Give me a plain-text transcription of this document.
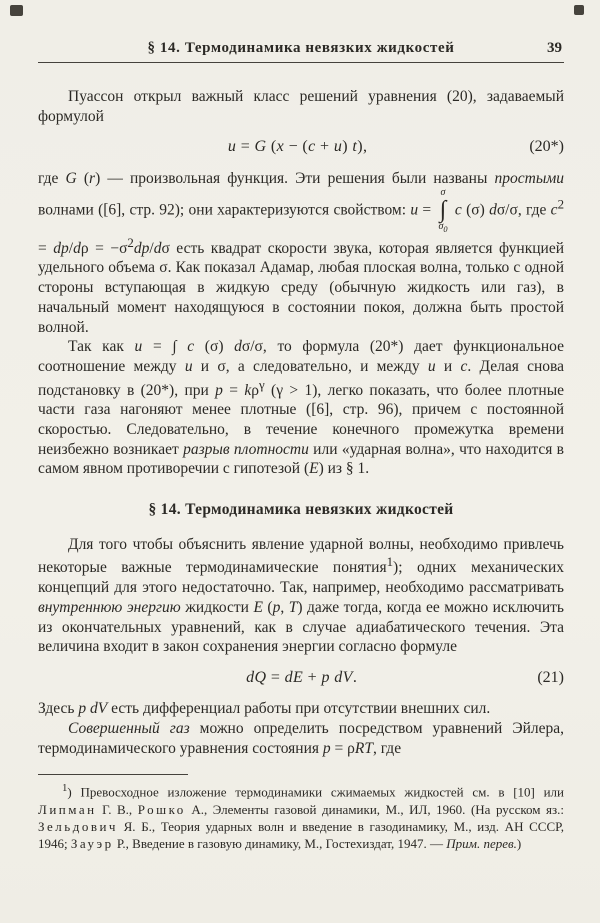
§ 14. Термодинамика невязких жидкостей	39

Пуассон открыл важный класс решений уравнения (20), задаваемый формулой

u = G (x − (c + u) t),	(20*)

где G (r) — произвольная функция. Эти решения были названы простыми волнами ([6], стр. 92); они характеризуются свойством: u =
σ
∫
$\sigma_0$
c (σ) dσ/σ, где $c^2 = dp/d\rho = -\sigma^2dp/d\sigma$ есть квадрат скорости звука, которая является функцией удельного объема σ. Как показал Адамар, любая плоская волна, только с одной стороны вступающая в жидкую среду (обычную жидкость или газ), в начальный момент находящуюся в состоянии покоя, должна быть простой волной.

Так как u = ∫ c (σ) dσ/σ, то формула (20*) дает функциональное соотношение между u и σ, а следовательно, и между u и c. Делая снова подстановку в (20*), при $p = k\rho^\gamma$ (γ > 1), легко показать, что более плотные части газа нагоняют менее плотные ([6], стр. 96), причем с постоянной скоростью. Следовательно, в течение конечного промежутка времени неизбежно возникает разрыв плотности или «ударная волна», что находится в самом явном противоречии с гипотезой (E) из § 1.

§ 14. Термодинамика невязких жидкостей

Для того чтобы объяснить явление ударной волны, необходимо привлечь некоторые важные термодинамические понятия$^1$); одних механических концепций для этого недостаточно. Так, например, необходимо рассматривать внутреннюю энергию жидкости E (p, T) даже тогда, когда ее можно исключить из окончательных уравнений, как в случае адиабатического течения. Эта величина входит в закон сохранения энергии согласно формуле

dQ = dE + p dV.	(21)

Здесь p dV есть дифференциал работы при отсутствии внешних сил.

Совершенный газ можно определить посредством уравнений Эйлера, термодинамического уравнения состояния p = ρRT, где

$^1$) Превосходное изложение термодинамики сжимаемых жидкостей см. в [10] или Липман Г. В., Рошко А., Элементы газовой динамики, М., ИЛ, 1960. (На русском яз.: Зельдович Я. Б., Теория ударных волн и введение в газодинамику, М., изд. АН СССР, 1946; Зауэр Р., Введение в газовую динамику, М., Гостехиздат, 1947. — Прим. перев.)
